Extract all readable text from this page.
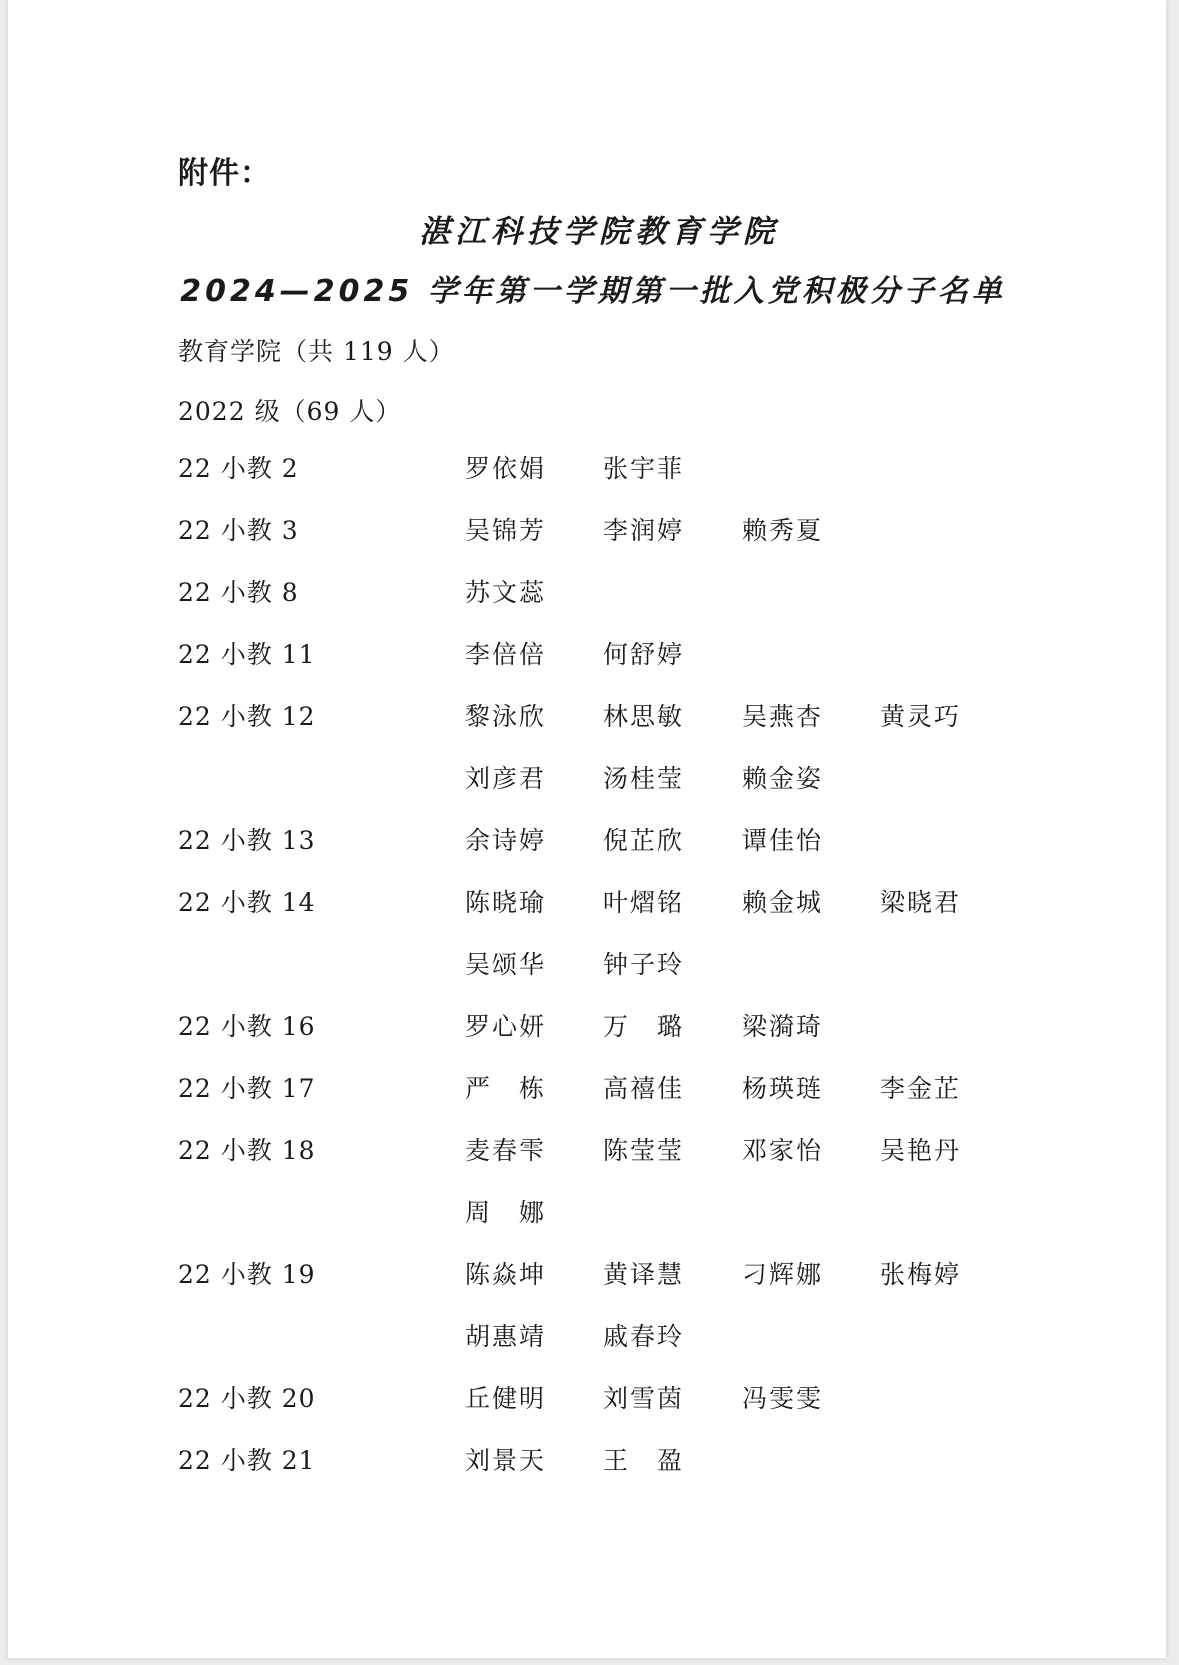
附件：
湛江科技学院教育学院
2024—2025 学年第一学期第一批入党积极分子名单
教育学院（共 119 人）
2022 级（69 人）
22 小教 2	罗依娟 张宇菲
22 小教 3	吴锦芳 李润婷 赖秀夏
22 小教 8	苏文蕊
22 小教 11	李倍倍 何舒婷
22 小教 12	黎泳欣 林思敏 吴燕杏 黄灵巧
刘彦君 汤桂莹 赖金姿
22 小教 13	余诗婷 倪芷欣 谭佳怡
22 小教 14	陈晓瑜 叶熠铭 赖金城 梁晓君
吴颂华 钟子玲
22 小教 16	罗心妍 万 璐 梁漪琦
22 小教 17	严 栋 高禧佳 杨瑛琏 李金芷
22 小教 18	麦春雫 陈莹莹 邓家怡 吴艳丹
周 娜
22 小教 19	陈焱坤 黄译慧 刁辉娜 张梅婷
胡惠靖 戚春玲
22 小教 20	丘健明 刘雪茵 冯雯雯
22 小教 21	刘景天 王 盈
